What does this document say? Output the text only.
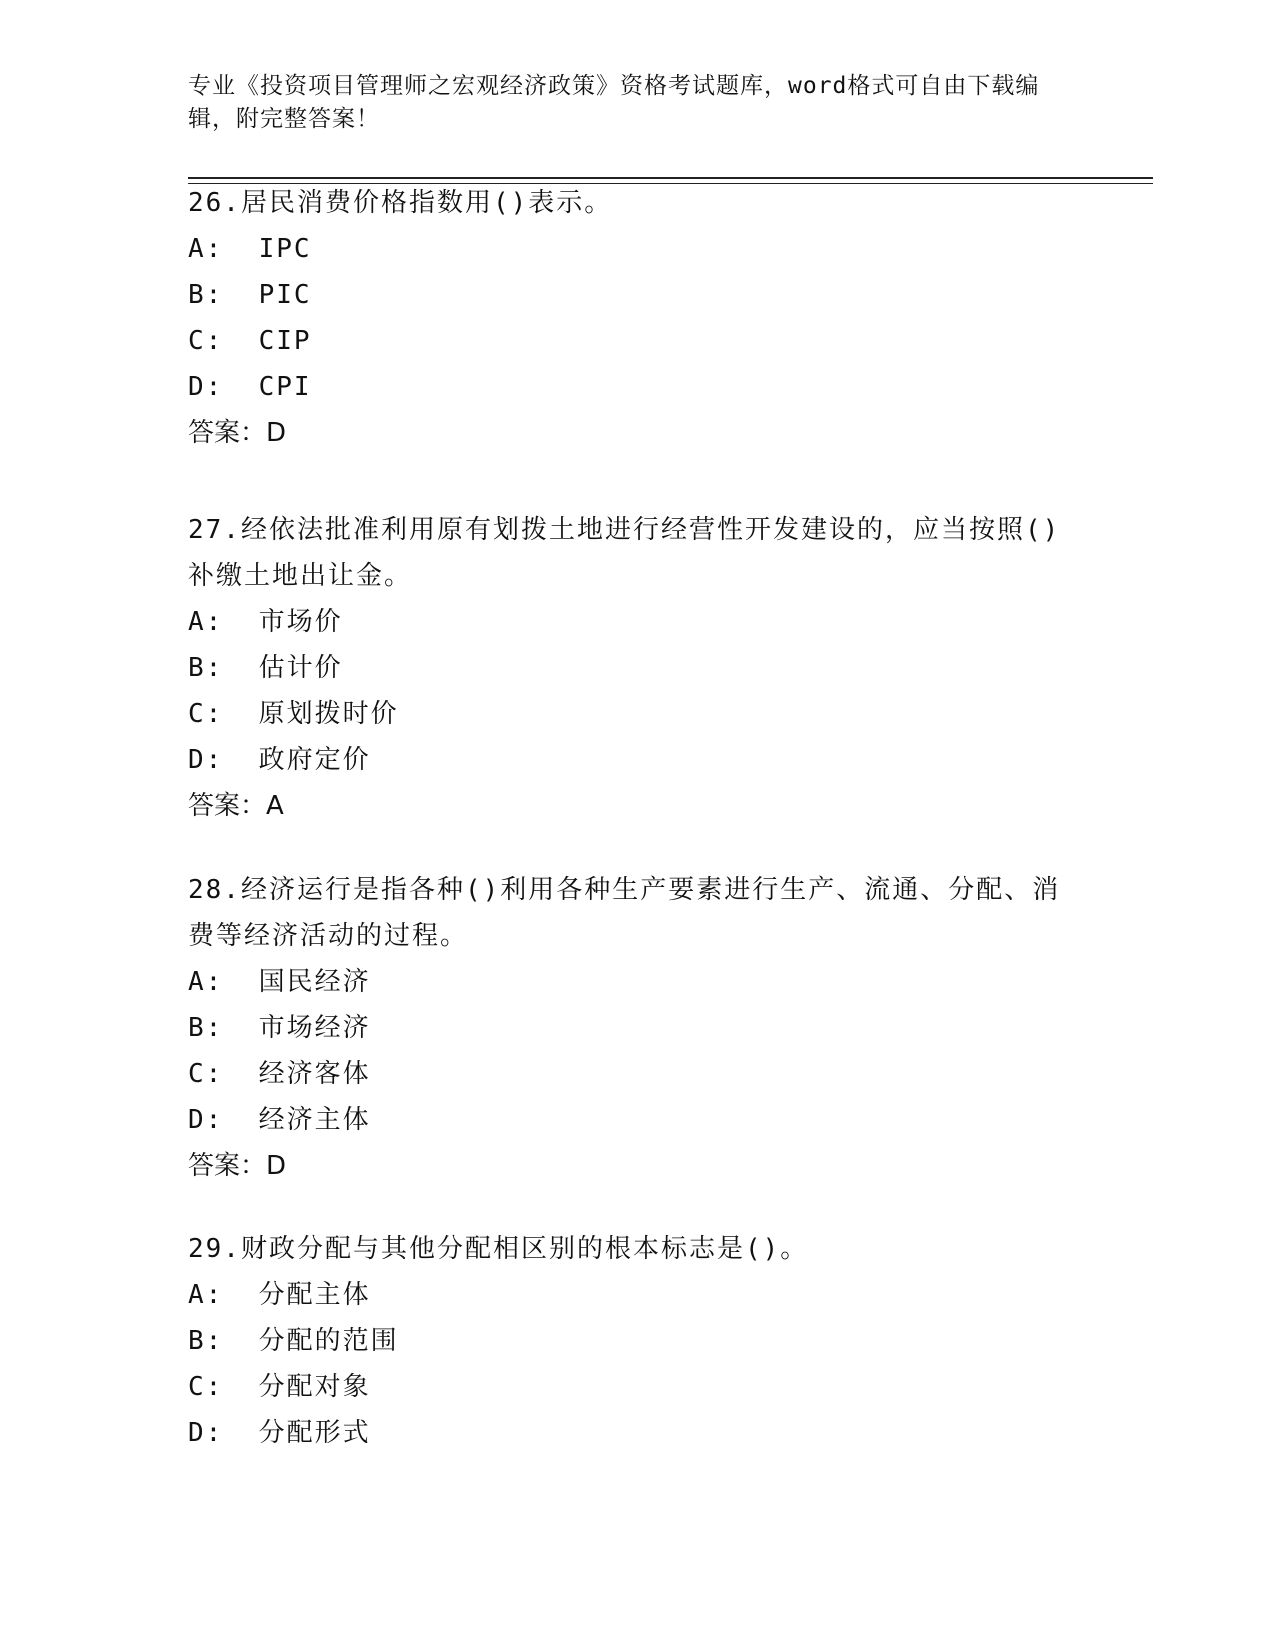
专业《投资项目管理师之宏观经济政策》资格考试题库，word格式可自由下载编辑，附完整答案！

26.居民消费价格指数用()表示。

A:  IPC

B:  PIC

C:  CIP

D:  CPI

答案：D

27.经依法批准利用原有划拨土地进行经营性开发建设的，应当按照()补缴土地出让金。

A:  市场价

B:  估计价

C:  原划拨时价

D:  政府定价

答案：A

28.经济运行是指各种()利用各种生产要素进行生产、流通、分配、消费等经济活动的过程。

A:  国民经济

B:  市场经济

C:  经济客体

D:  经济主体

答案：D

29.财政分配与其他分配相区别的根本标志是()。

A:  分配主体

B:  分配的范围

C:  分配对象

D:  分配形式
